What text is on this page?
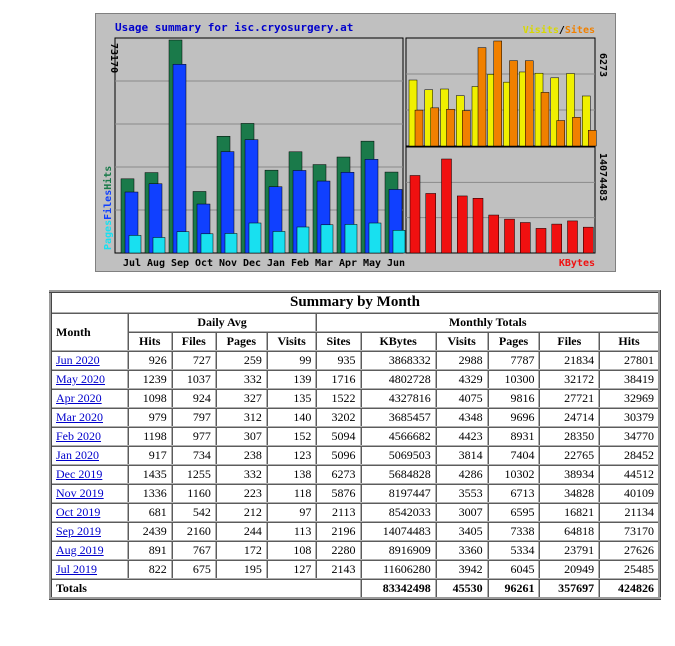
Usage summary for isc.cryosurgery.at
73170
PagesFilesHits
Jul Aug Sep Oct Nov Dec Jan Feb Mar Apr May Jun
Visits/Sites
6273
14074483
KBytes
Summary by Month										
Month	Daily Avg				Monthly Totals					
	Hits	Files	Pages	Visits	Sites	KBytes	Visits	Pages	Files	Hits
Jun 2020	926	727	259	99	935	3868332	2988	7787	21834	27801
May 2020	1239	1037	332	139	1716	4802728	4329	10300	32172	38419
Apr 2020	1098	924	327	135	1522	4327816	4075	9816	27721	32969
Mar 2020	979	797	312	140	3202	3685457	4348	9696	24714	30379
Feb 2020	1198	977	307	152	5094	4566682	4423	8931	28350	34770
Jan 2020	917	734	238	123	5096	5069503	3814	7404	22765	28452
Dec 2019	1435	1255	332	138	6273	5684828	4286	10302	38934	44512
Nov 2019	1336	1160	223	118	5876	8197447	3553	6713	34828	40109
Oct 2019	681	542	212	97	2113	8542033	3007	6595	16821	21134
Sep 2019	2439	2160	244	113	2196	14074483	3405	7338	64818	73170
Aug 2019	891	767	172	108	2280	8916909	3360	5334	23791	27626
Jul 2019	822	675	195	127	2143	11606280	3942	6045	20949	25485
Totals						83342498	45530	96261	357697	424826
